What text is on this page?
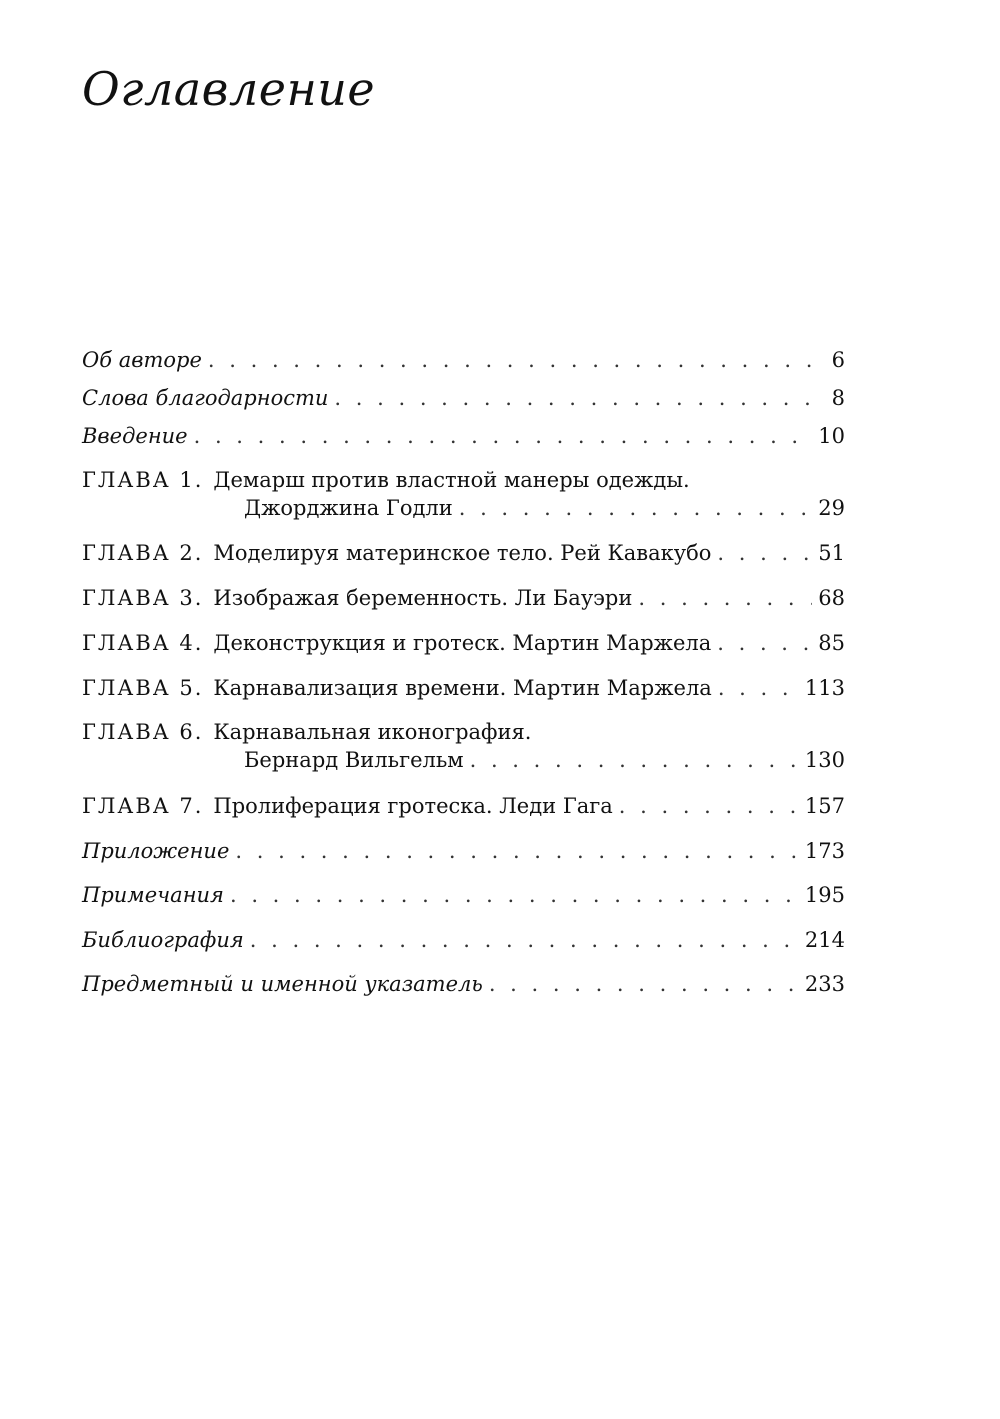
Оглавление
Об авторе . . .	6
Слова благодарности . . .	8
Введение . . .	10
ГЛАВА 1. Демарш против властной манеры одежды.
Джорджина Годли . . .	29
ГЛАВА 2. Моделируя материнское тело. Рей Кавакубо . . .	51
ГЛАВА 3. Изображая беременность. Ли Бауэри . . .	68
ГЛАВА 4. Деконструкция и гротеск. Мартин Маржела . . .	85
ГЛАВА 5. Карнавализация времени. Мартин Маржела . . .	113
ГЛАВА 6. Карнавальная иконография.
Бернард Вильгельм . . .	130
ГЛАВА 7. Пролиферация гротеска. Леди Гага . . .	157
Приложение . . .	173
Примечания . . .	195
Библиография . . .	214
Предметный и именной указатель . . .	233
